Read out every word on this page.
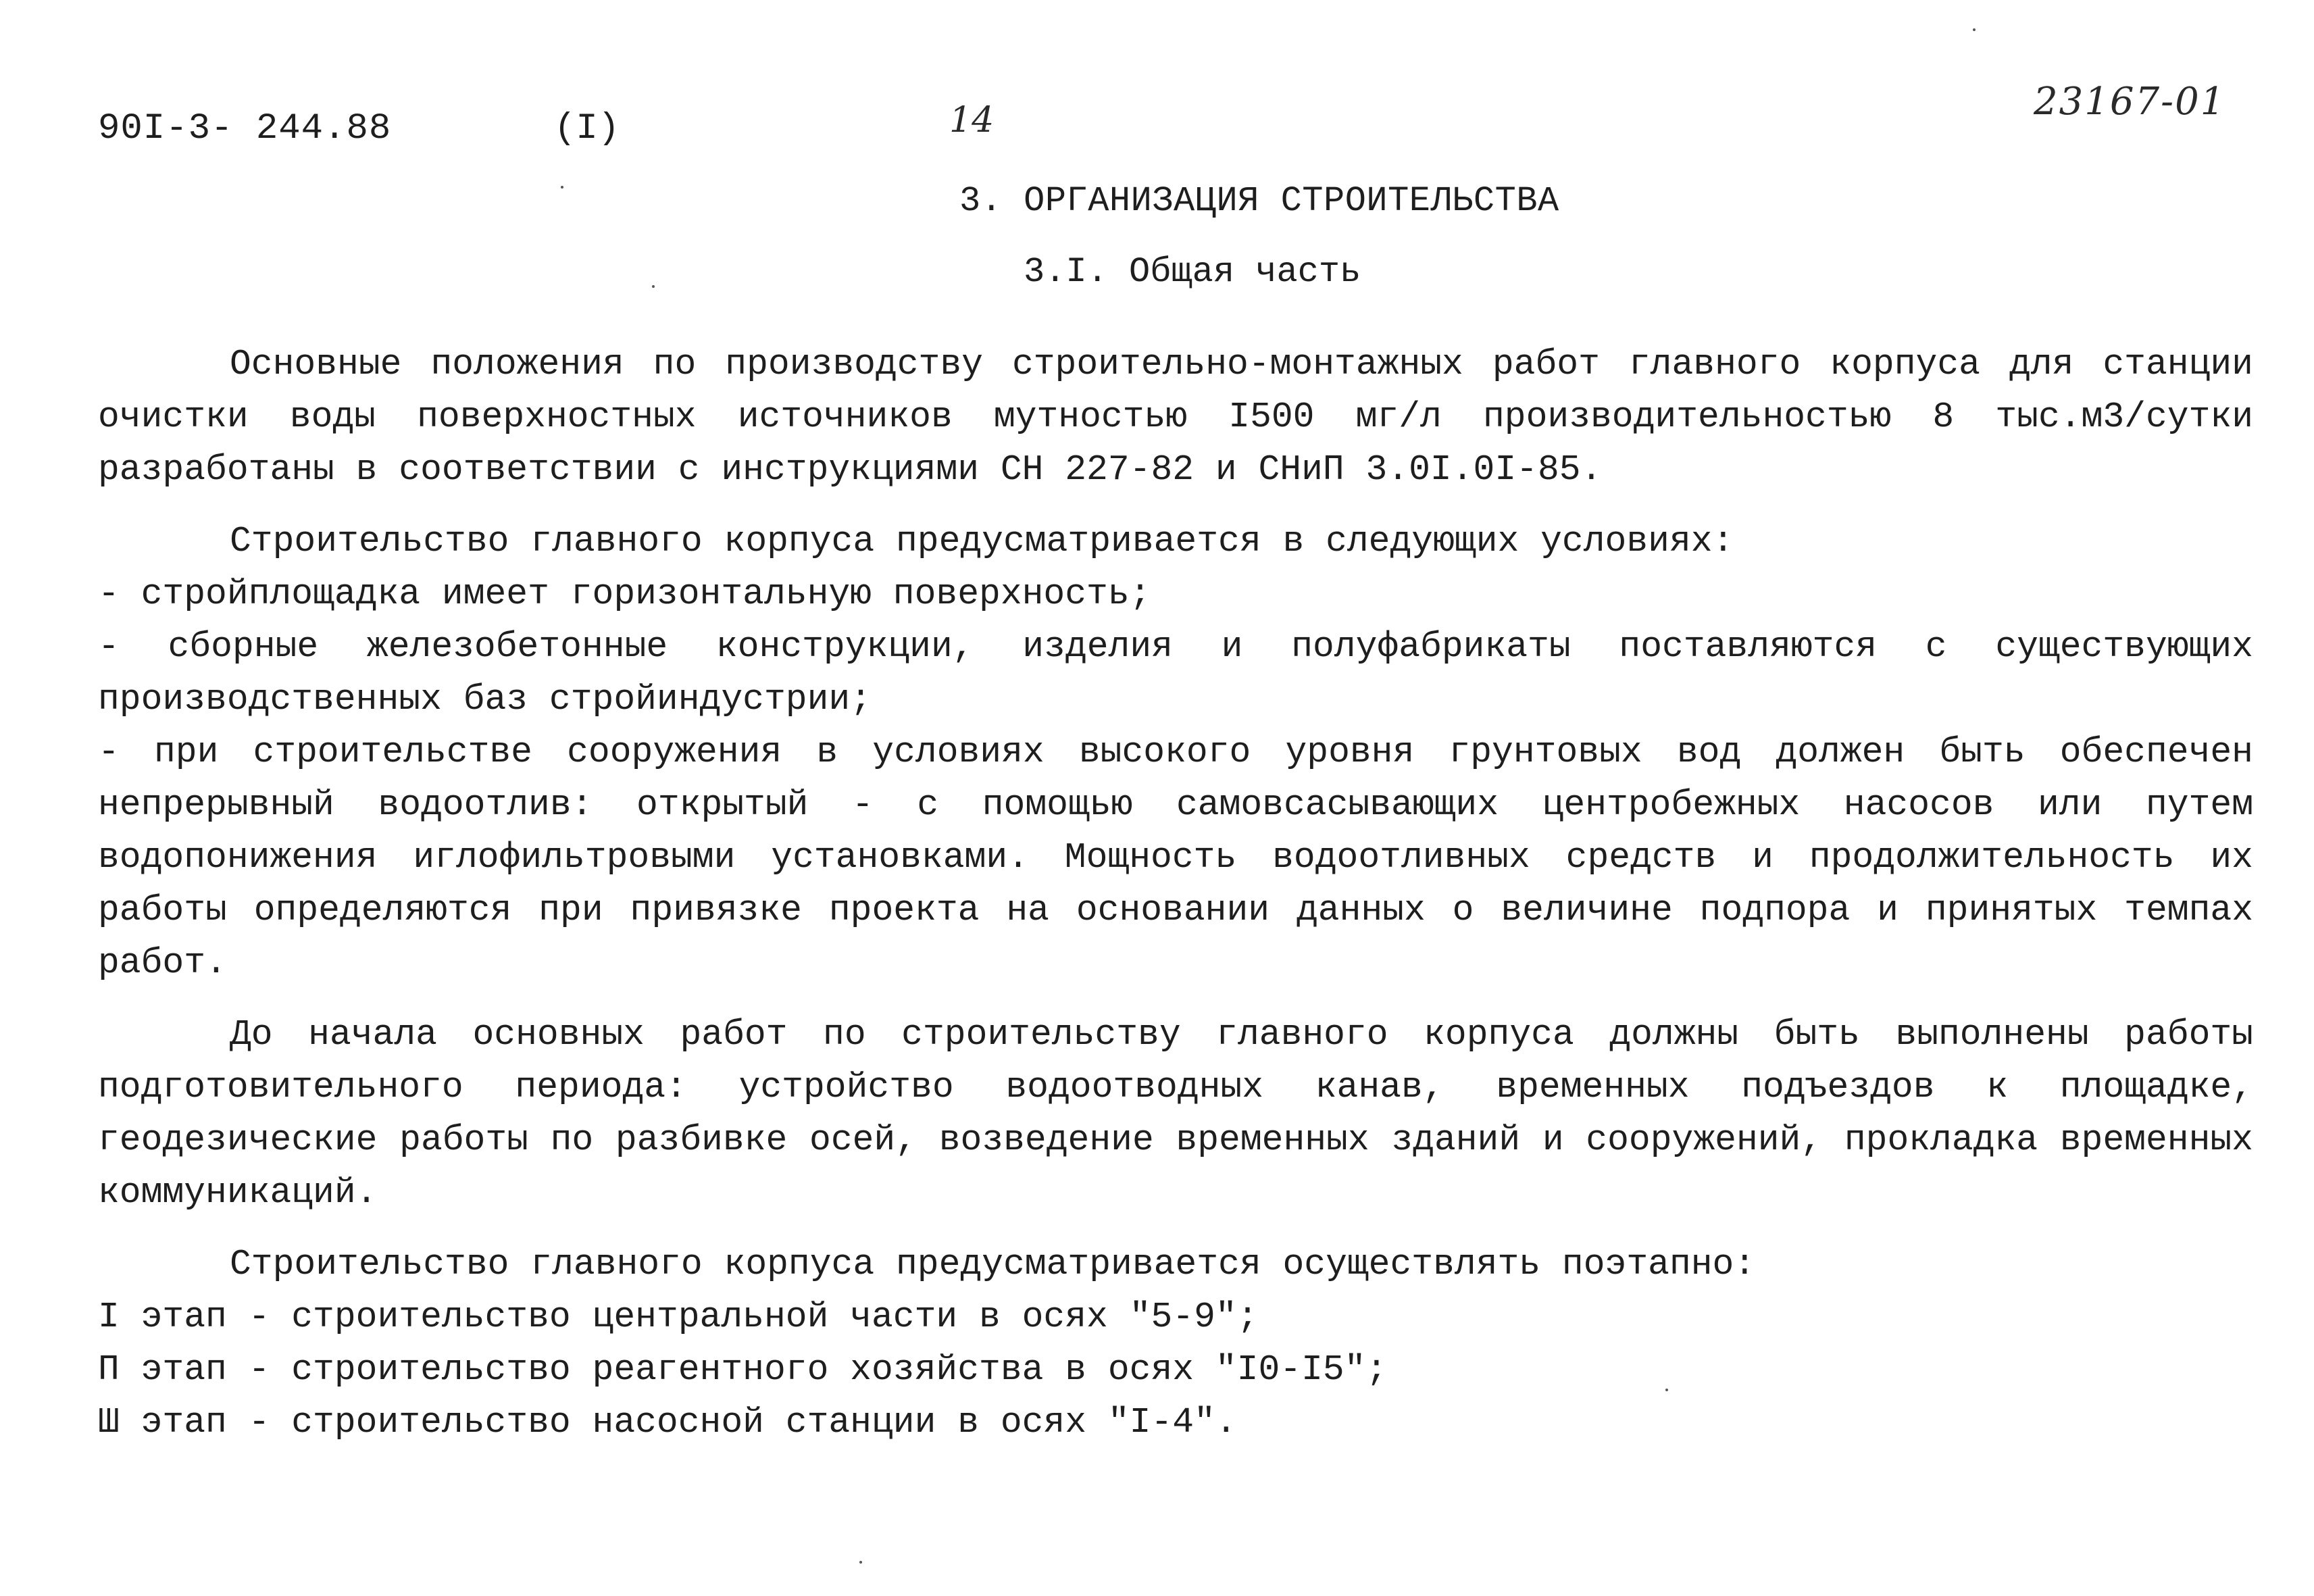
90I-3- 244.88	(I)	14	23167-01
3. ОРГАНИЗАЦИЯ СТРОИТЕЛЬСТВА
3.I. Общая часть

Основные положения по производству строительно-монтажных работ главного корпуса для станции очистки воды поверхностных источников мутностью I500 мг/л производительностью 8 тыс.м3/сутки разработаны в соответствии с инструкциями СН 227-82 и СНиП 3.0I.0I-85.

Строительство главного корпуса предусматривается в следующих условиях:

- стройплощадка имеет горизонтальную поверхность;

- сборные железобетонные конструкции, изделия и полуфабрикаты поставляются с существующих производственных баз стройиндустрии;

- при строительстве сооружения в условиях высокого уровня грунтовых вод должен быть обеспечен непрерывный водоотлив: открытый - с помощью самовсасывающих центробежных насосов или путем водопонижения иглофильтровыми установками. Мощность водоотливных средств и продолжительность их работы определяются при привязке проекта на основании данных о величине подпора и принятых темпах работ.

До начала основных работ по строительству главного корпуса должны быть выполнены работы подготовительного периода: устройство водоотводных канав, временных подъездов к площадке, геодезические работы по разбивке осей, возведение временных зданий и сооружений, прокладка временных коммуникаций.

Строительство главного корпуса предусматривается осуществлять поэтапно:

I этап - строительство центральной части в осях "5-9";

П этап - строительство реагентного хозяйства в осях "I0-I5";

Ш этап - строительство насосной станции в осях "I-4".
